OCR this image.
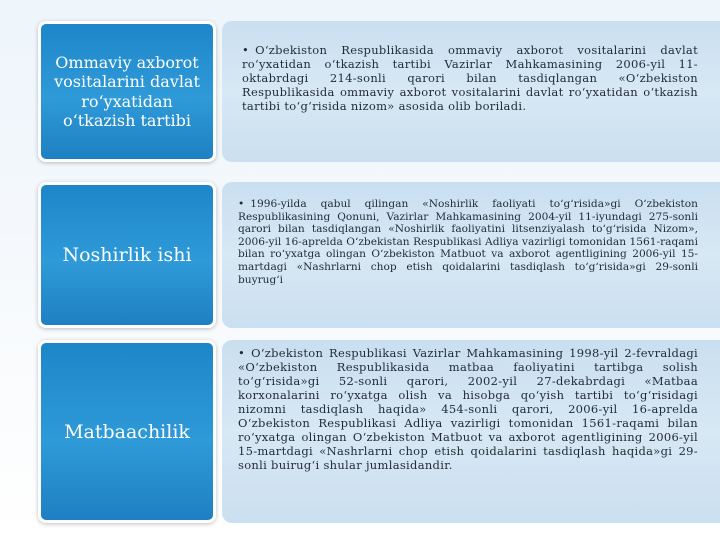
Ommaviy axborot vositalarini davlat ro‘yxatidan o‘tkazish tartibi
• O‘zbekiston Respublikasida ommaviy axborot vositalarini davlat ro‘yxatidan o‘tkazish tartibi Vazirlar Mahkamasining 2006-yil 11-oktabrdagi 214-sonli qarori bilan tasdiqlangan «O‘zbekiston Respublikasida ommaviy axborot vositalarini davlat ro‘yxatidan o‘tkazish tartibi to‘g‘risida nizom» asosida olib boriladi.
Noshirlik ishi
• 1996-yilda qabul qilingan «Noshirlik faoliyati to‘g‘risida»gi O‘zbekiston Respublikasining Qonuni, Vazirlar Mahkamasining 2004-yil 11-iyundagi 275-sonli qarori bilan tasdiqlangan «Noshirlik faoliyatini litsenziyalash to‘g‘risida Nizom», 2006-yil 16-aprelda O‘zbekistan Respublikasi Adliya vazirligi tomonidan 1561-raqami bilan ro‘yxatga olingan O‘zbekiston Matbuot va axborot agentligining 2006-yil 15-martdagi «Nashrlarni chop etish qoidalarini tasdiqlash to‘g‘risida»gi 29-sonli buyrug‘i
Matbaachilik
• O‘zbekiston Respublikasi Vazirlar Mahkamasining 1998-yil 2-fevraldagi «O‘zbekiston Respublikasida matbaa faoliyatini tartibga solish to‘g‘risida»gi 52-sonli qarori, 2002-yil 27-dekabrdagi «Matbaa korxonalarini ro‘yxatga olish va hisobga qo‘yish tartibi to‘g‘risidagi nizomni tasdiqlash haqida» 454-sonli qarori, 2006-yil 16-aprelda O‘zbekiston Respublikasi Adliya vazirligi tomonidan 1561-raqami bilan ro‘yxatga olingan O‘zbekiston Matbuot va axborot agentligining 2006-yil 15-martdagi «Nashrlarni chop etish qoidalarini tasdiqlash haqida»gi 29-sonli buirug‘i shular jumlasidandir.
